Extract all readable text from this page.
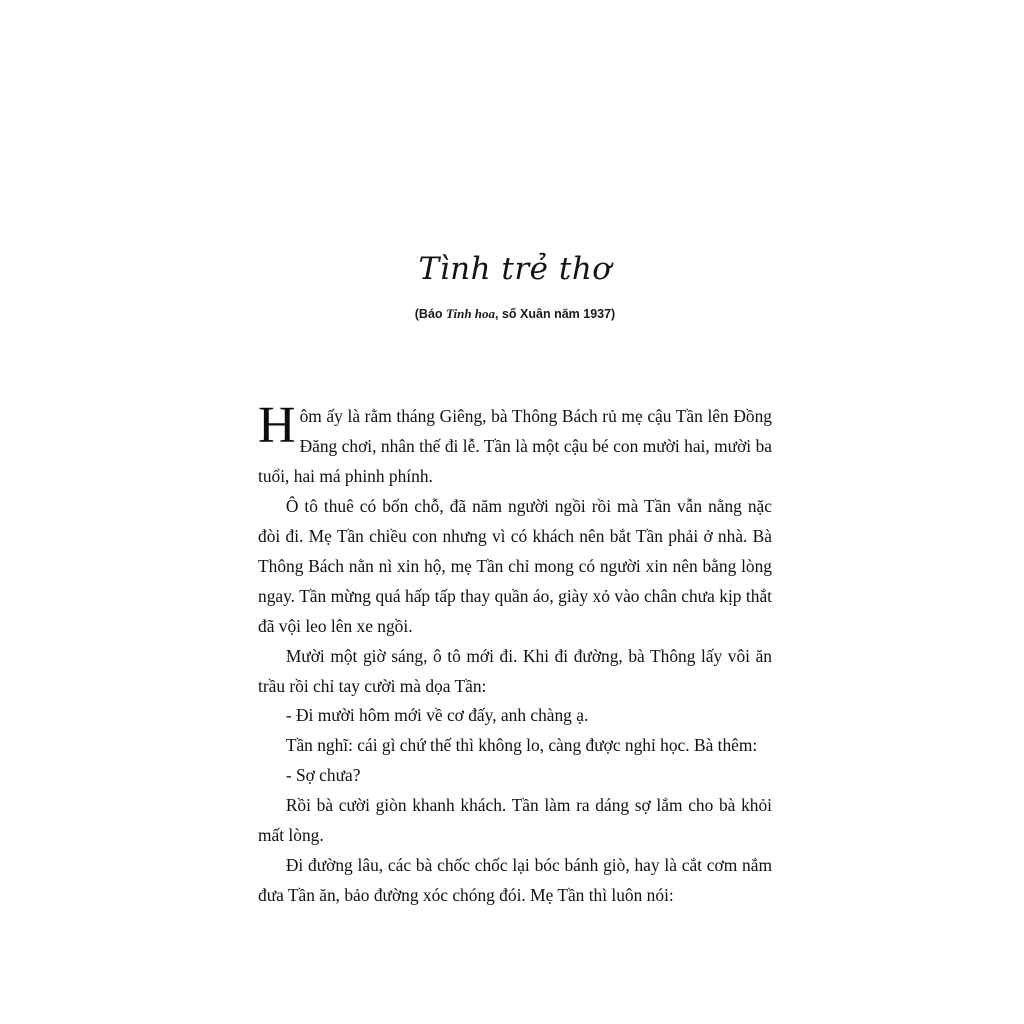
Tình trẻ thơ
(Báo Tinh hoa, số Xuân năm 1937)

Hôm ấy là rằm tháng Giêng, bà Thông Bách rủ mẹ cậu Tần lên Đồng Đăng chơi, nhân thế đi lễ. Tần là một cậu bé con mười hai, mười ba tuổi, hai má phinh phính.

Ô tô thuê có bốn chỗ, đã năm người ngồi rồi mà Tần vẫn nằng nặc đòi đi. Mẹ Tần chiều con nhưng vì có khách nên bắt Tần phải ở nhà. Bà Thông Bách nằn nì xin hộ, mẹ Tần chỉ mong có người xin nên bằng lòng ngay. Tần mừng quá hấp tấp thay quần áo, giày xỏ vào chân chưa kịp thắt đã vội leo lên xe ngồi.

Mười một giờ sáng, ô tô mới đi. Khi đi đường, bà Thông lấy vôi ăn trầu rồi chỉ tay cười mà dọa Tần:

- Đi mười hôm mới về cơ đấy, anh chàng ạ.

Tần nghĩ: cái gì chứ thế thì không lo, càng được nghỉ học. Bà thêm:

- Sợ chưa?

Rồi bà cười giòn khanh khách. Tần làm ra dáng sợ lắm cho bà khỏi mất lòng.

Đi đường lâu, các bà chốc chốc lại bóc bánh giò, hay là cắt cơm nắm đưa Tần ăn, bảo đường xóc chóng đói. Mẹ Tần thì luôn nói:
